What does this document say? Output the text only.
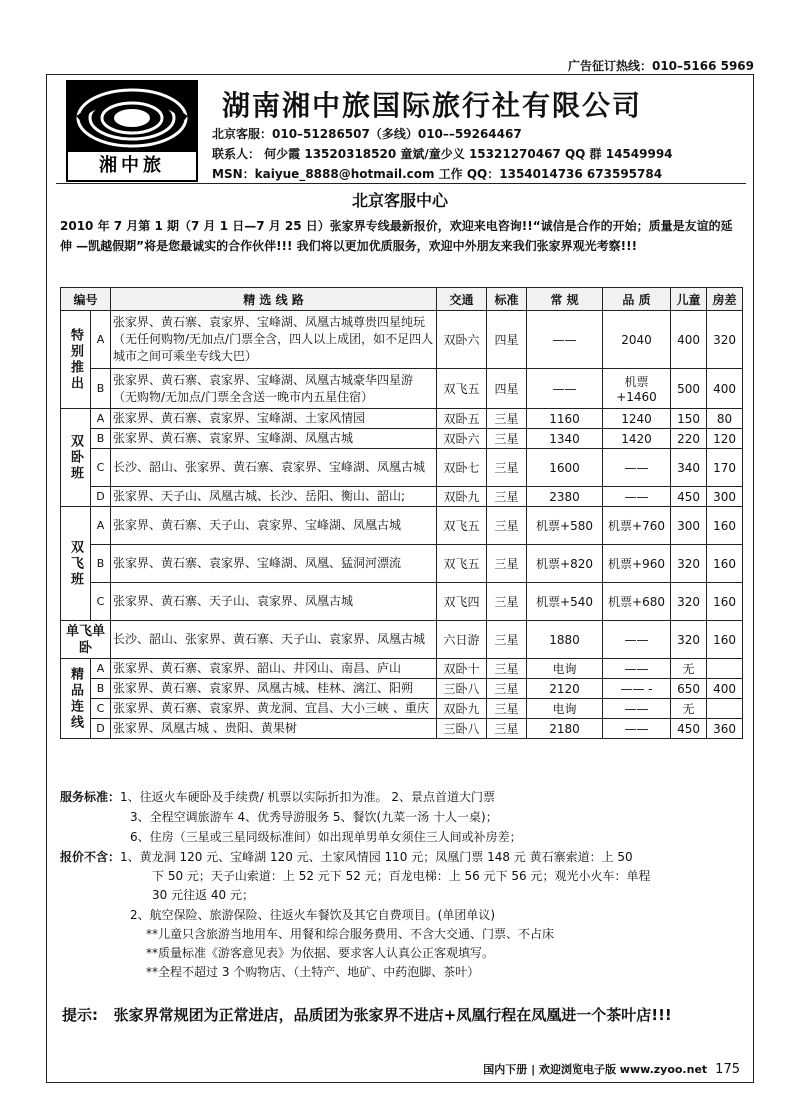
广告征订热线：010–5166 5969
湘中旅
湖南湘中旅国际旅行社有限公司
北京客服：010–51286507（多线）010––59264467
联系人： 何少霞 13520318520 童斌/童少义 15321270467 QQ 群 14549994
MSN：kaiyue_8888@hotmail.com 工作 QQ：1354014736 673595784
北京客服中心
2010 年 7 月第 1 期（7 月 1 日—7 月 25 日）张家界专线最新报价，欢迎来电咨询!!“诚信是合作的开始；质量是友谊的延伸 —凯越假期”将是您最诚实的合作伙伴!!! 我们将以更加优质服务，欢迎中外朋友来我们张家界观光考察!!!
编号		精 选 线 路	交通	标准	常 规	品 质	儿童	房差
特别推出	A	张家界、黄石寨、袁家界、宝峰湖、凤凰古城尊贵四星纯玩（无任何购物/无加点/门票全含，四人以上成团，如不足四人城市之间可乘坐专线大巴）	双卧六	四星	——	2040	400	320
	B	张家界、黄石寨、袁家界、宝峰湖、凤凰古城豪华四星游（无购物/无加点/门票全含送一晚市内五星住宿）	双飞五	四星	——	机票+1460	500	400
双卧班	A	张家界、黄石寨、袁家界、宝峰湖、土家风情园	双卧五	三星	1160	1240	150	80
	B	张家界、黄石寨、袁家界、宝峰湖、凤凰古城	双卧六	三星	1340	1420	220	120
	C	长沙、韶山、张家界、黄石寨、袁家界、宝峰湖、凤凰古城	双卧七	三星	1600	——	340	170
	D	张家界、天子山、凤凰古城、长沙、岳阳、衡山、韶山;	双卧九	三星	2380	——	450	300
双飞班	A	张家界、黄石寨、天子山、袁家界、宝峰湖、凤凰古城	双飞五	三星	机票+580	机票+760	300	160
	B	张家界、黄石寨、袁家界、宝峰湖、凤凰、猛洞河漂流	双飞五	三星	机票+820	机票+960	320	160
	C	张家界、黄石寨、天子山、袁家界、凤凰古城	双飞四	三星	机票+540	机票+680	320	160
单飞单卧		长沙、韶山、张家界、黄石寨、天子山、袁家界、凤凰古城	六日游	三星	1880	——	320	160
精品连线	A	张家界、黄石寨、袁家界、韶山、井冈山、南昌、庐山	双卧十	三星	电询	——	无	
	B	张家界、黄石寨、袁家界、凤凰古城、桂林、漓江、阳朔	三卧八	三星	2120	—— -	650	400
	C	张家界、黄石寨、袁家界、黄龙洞、宜昌、大小三峡 、重庆	双卧九	三星	电询	——	无	
	D	张家界、凤凰古城 、贵阳、黄果树	三卧八	三星	2180	——	450	360
服务标准：1、往返火车硬卧及手续费/ 机票以实际折扣为准。 2、景点首道大门票
3、全程空调旅游车 4、优秀导游服务 5、餐饮(九菜一汤 十人一桌)；
6、住房（三星或三星同级标准间）如出现单男单女须住三人间或补房差；
报价不含：1、黄龙洞 120 元、宝峰湖 120 元、土家风情园 110 元；凤凰门票 148 元 黄石寨索道：上 50
下 50 元；天子山索道：上 52 元下 52 元；百龙电梯：上 56 元下 56 元；观光小火车：单程
30 元往返 40 元；
2、航空保险、旅游保险、往返火车餐饮及其它自费项目。(单团单议)
**儿童只含旅游当地用车、用餐和综合服务费用、不含大交通、门票、不占床
**质量标准《游客意见表》为依据、要求客人认真公正客观填写。
**全程不超过 3 个购物店、（土特产、地矿、中药泡脚、茶叶）
提示: 张家界常规团为正常进店，品质团为张家界不进店+凤凰行程在凤凰进一个茶叶店!!!
国内下册 | 欢迎浏览电子版 www.zyoo.net 175
